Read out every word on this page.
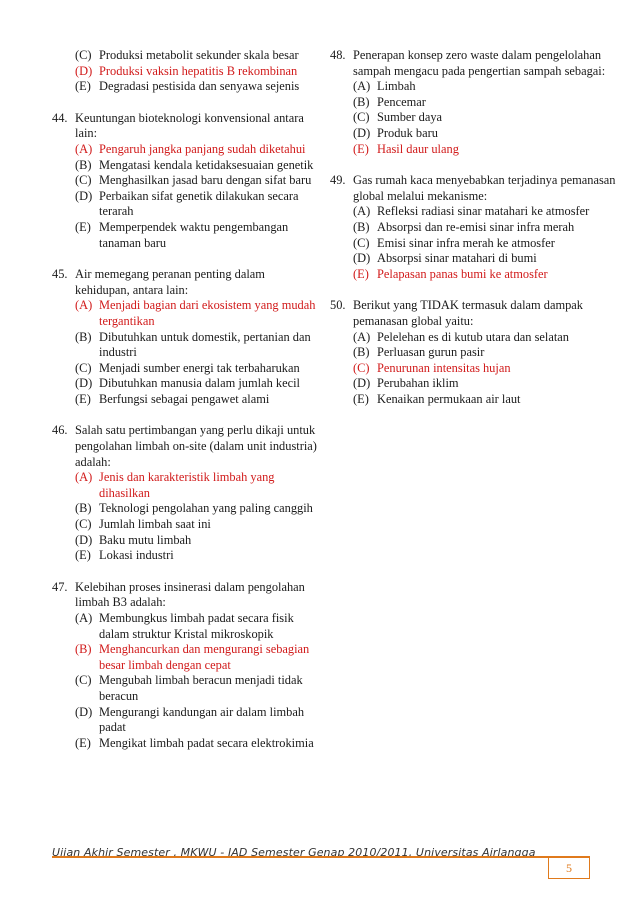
(C) Produksi metabolit sekunder skala besar
(D) Produksi vaksin hepatitis B rekombinan
(E) Degradasi pestisida dan senyawa sejenis
44. Keuntungan bioteknologi konvensional antara lain:
(A) Pengaruh jangka panjang sudah diketahui
(B) Mengatasi kendala ketidaksesuaian genetik
(C) Menghasilkan jasad baru dengan sifat baru
(D) Perbaikan sifat genetik dilakukan secara terarah
(E) Memperpendek waktu pengembangan tanaman baru
45. Air memegang peranan penting dalam kehidupan, antara lain:
(A) Menjadi bagian dari ekosistem yang mudah tergantikan
(B) Dibutuhkan untuk domestik, pertanian dan industri
(C) Menjadi sumber energi tak terbaharukan
(D) Dibutuhkan manusia dalam jumlah kecil
(E) Berfungsi sebagai pengawet alami
46. Salah satu pertimbangan yang perlu dikaji untuk pengolahan limbah on-site (dalam unit industria) adalah:
(A) Jenis dan karakteristik limbah yang dihasilkan
(B) Teknologi pengolahan yang paling canggih
(C) Jumlah limbah saat ini
(D) Baku mutu limbah
(E) Lokasi industri
47. Kelebihan proses insinerasi dalam pengolahan limbah B3 adalah:
(A) Membungkus limbah padat secara fisik dalam struktur Kristal mikroskopik
(B) Menghancurkan dan mengurangi sebagian besar limbah dengan cepat
(C) Mengubah limbah beracun menjadi tidak beracun
(D) Mengurangi kandungan air dalam limbah padat
(E) Mengikat limbah padat secara elektrokimia
48. Penerapan konsep zero waste dalam pengelolahan sampah mengacu pada pengertian sampah sebagai:
(A) Limbah
(B) Pencemar
(C) Sumber daya
(D) Produk baru
(E) Hasil daur ulang
49. Gas rumah kaca menyebabkan terjadinya pemanasan global melalui mekanisme:
(A) Refleksi radiasi sinar matahari ke atmosfer
(B) Absorpsi dan re-emisi sinar infra merah
(C) Emisi sinar infra merah ke atmosfer
(D) Absorpsi sinar matahari di bumi
(E) Pelapasan panas bumi ke atmosfer
50. Berikut yang TIDAK termasuk dalam dampak pemanasan global yaitu:
(A) Pelelehan es di kutub utara dan selatan
(B) Perluasan gurun pasir
(C) Penurunan intensitas hujan
(D) Perubahan iklim
(E) Kenaikan permukaan air laut
Ujian Akhir Semester , MKWU - IAD Semester Genap 2010/2011, Universitas Airlangga
5
